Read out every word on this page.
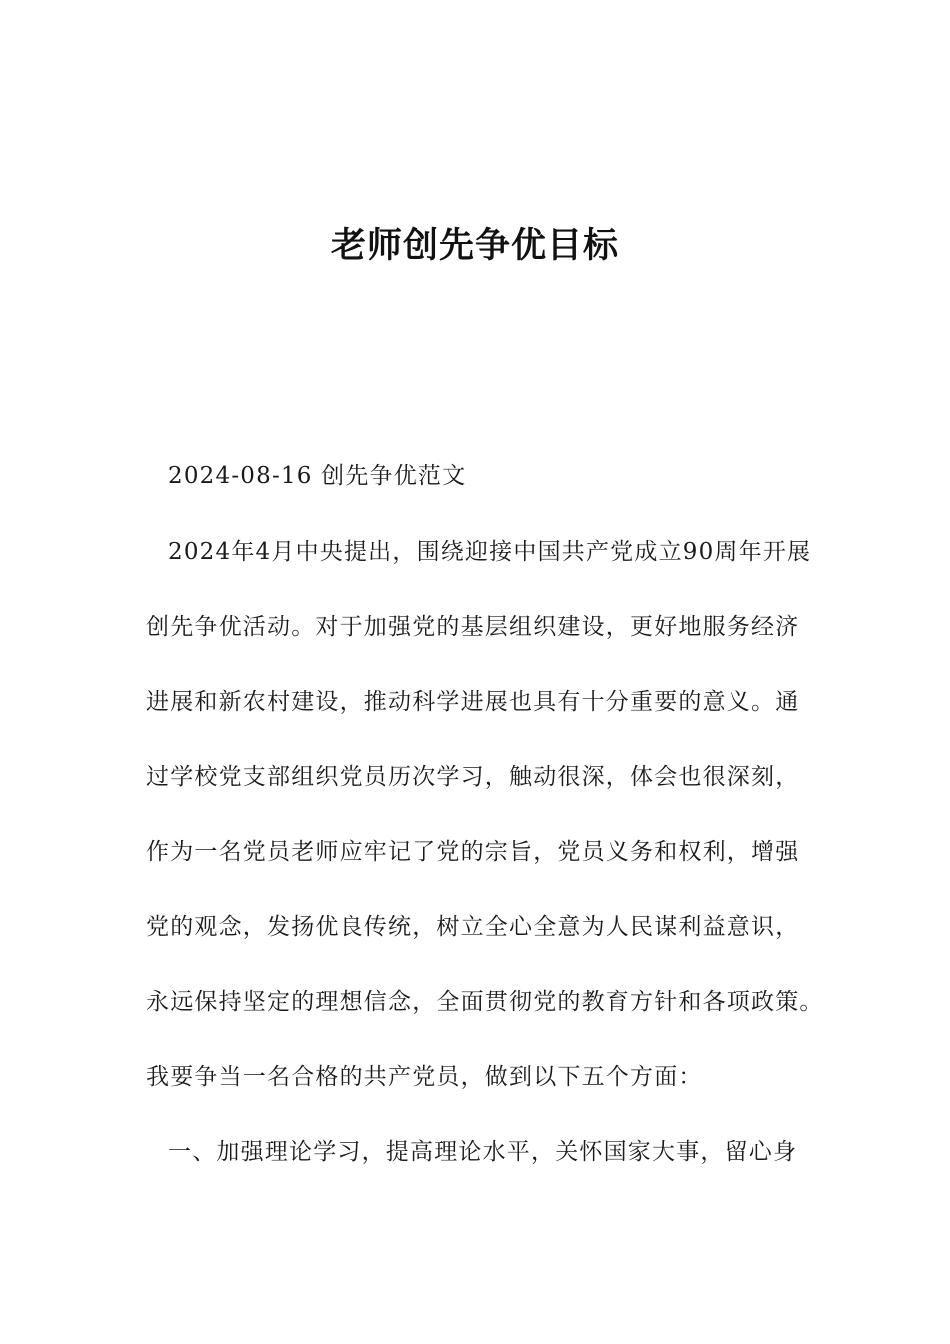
老师创先争优目标

2024-08-16 创先争优范文

2024年4月中央提出，围绕迎接中国共产党成立90周年开展

创先争优活动。对于加强党的基层组织建设，更好地服务经济

进展和新农村建设，推动科学进展也具有十分重要的意义。通

过学校党支部组织党员历次学习，触动很深，体会也很深刻，

作为一名党员老师应牢记了党的宗旨，党员义务和权利，增强

党的观念，发扬优良传统，树立全心全意为人民谋利益意识，

永远保持坚定的理想信念，全面贯彻党的教育方针和各项政策。

我要争当一名合格的共产党员，做到以下五个方面：

一、加强理论学习，提高理论水平，关怀国家大事，留心身
